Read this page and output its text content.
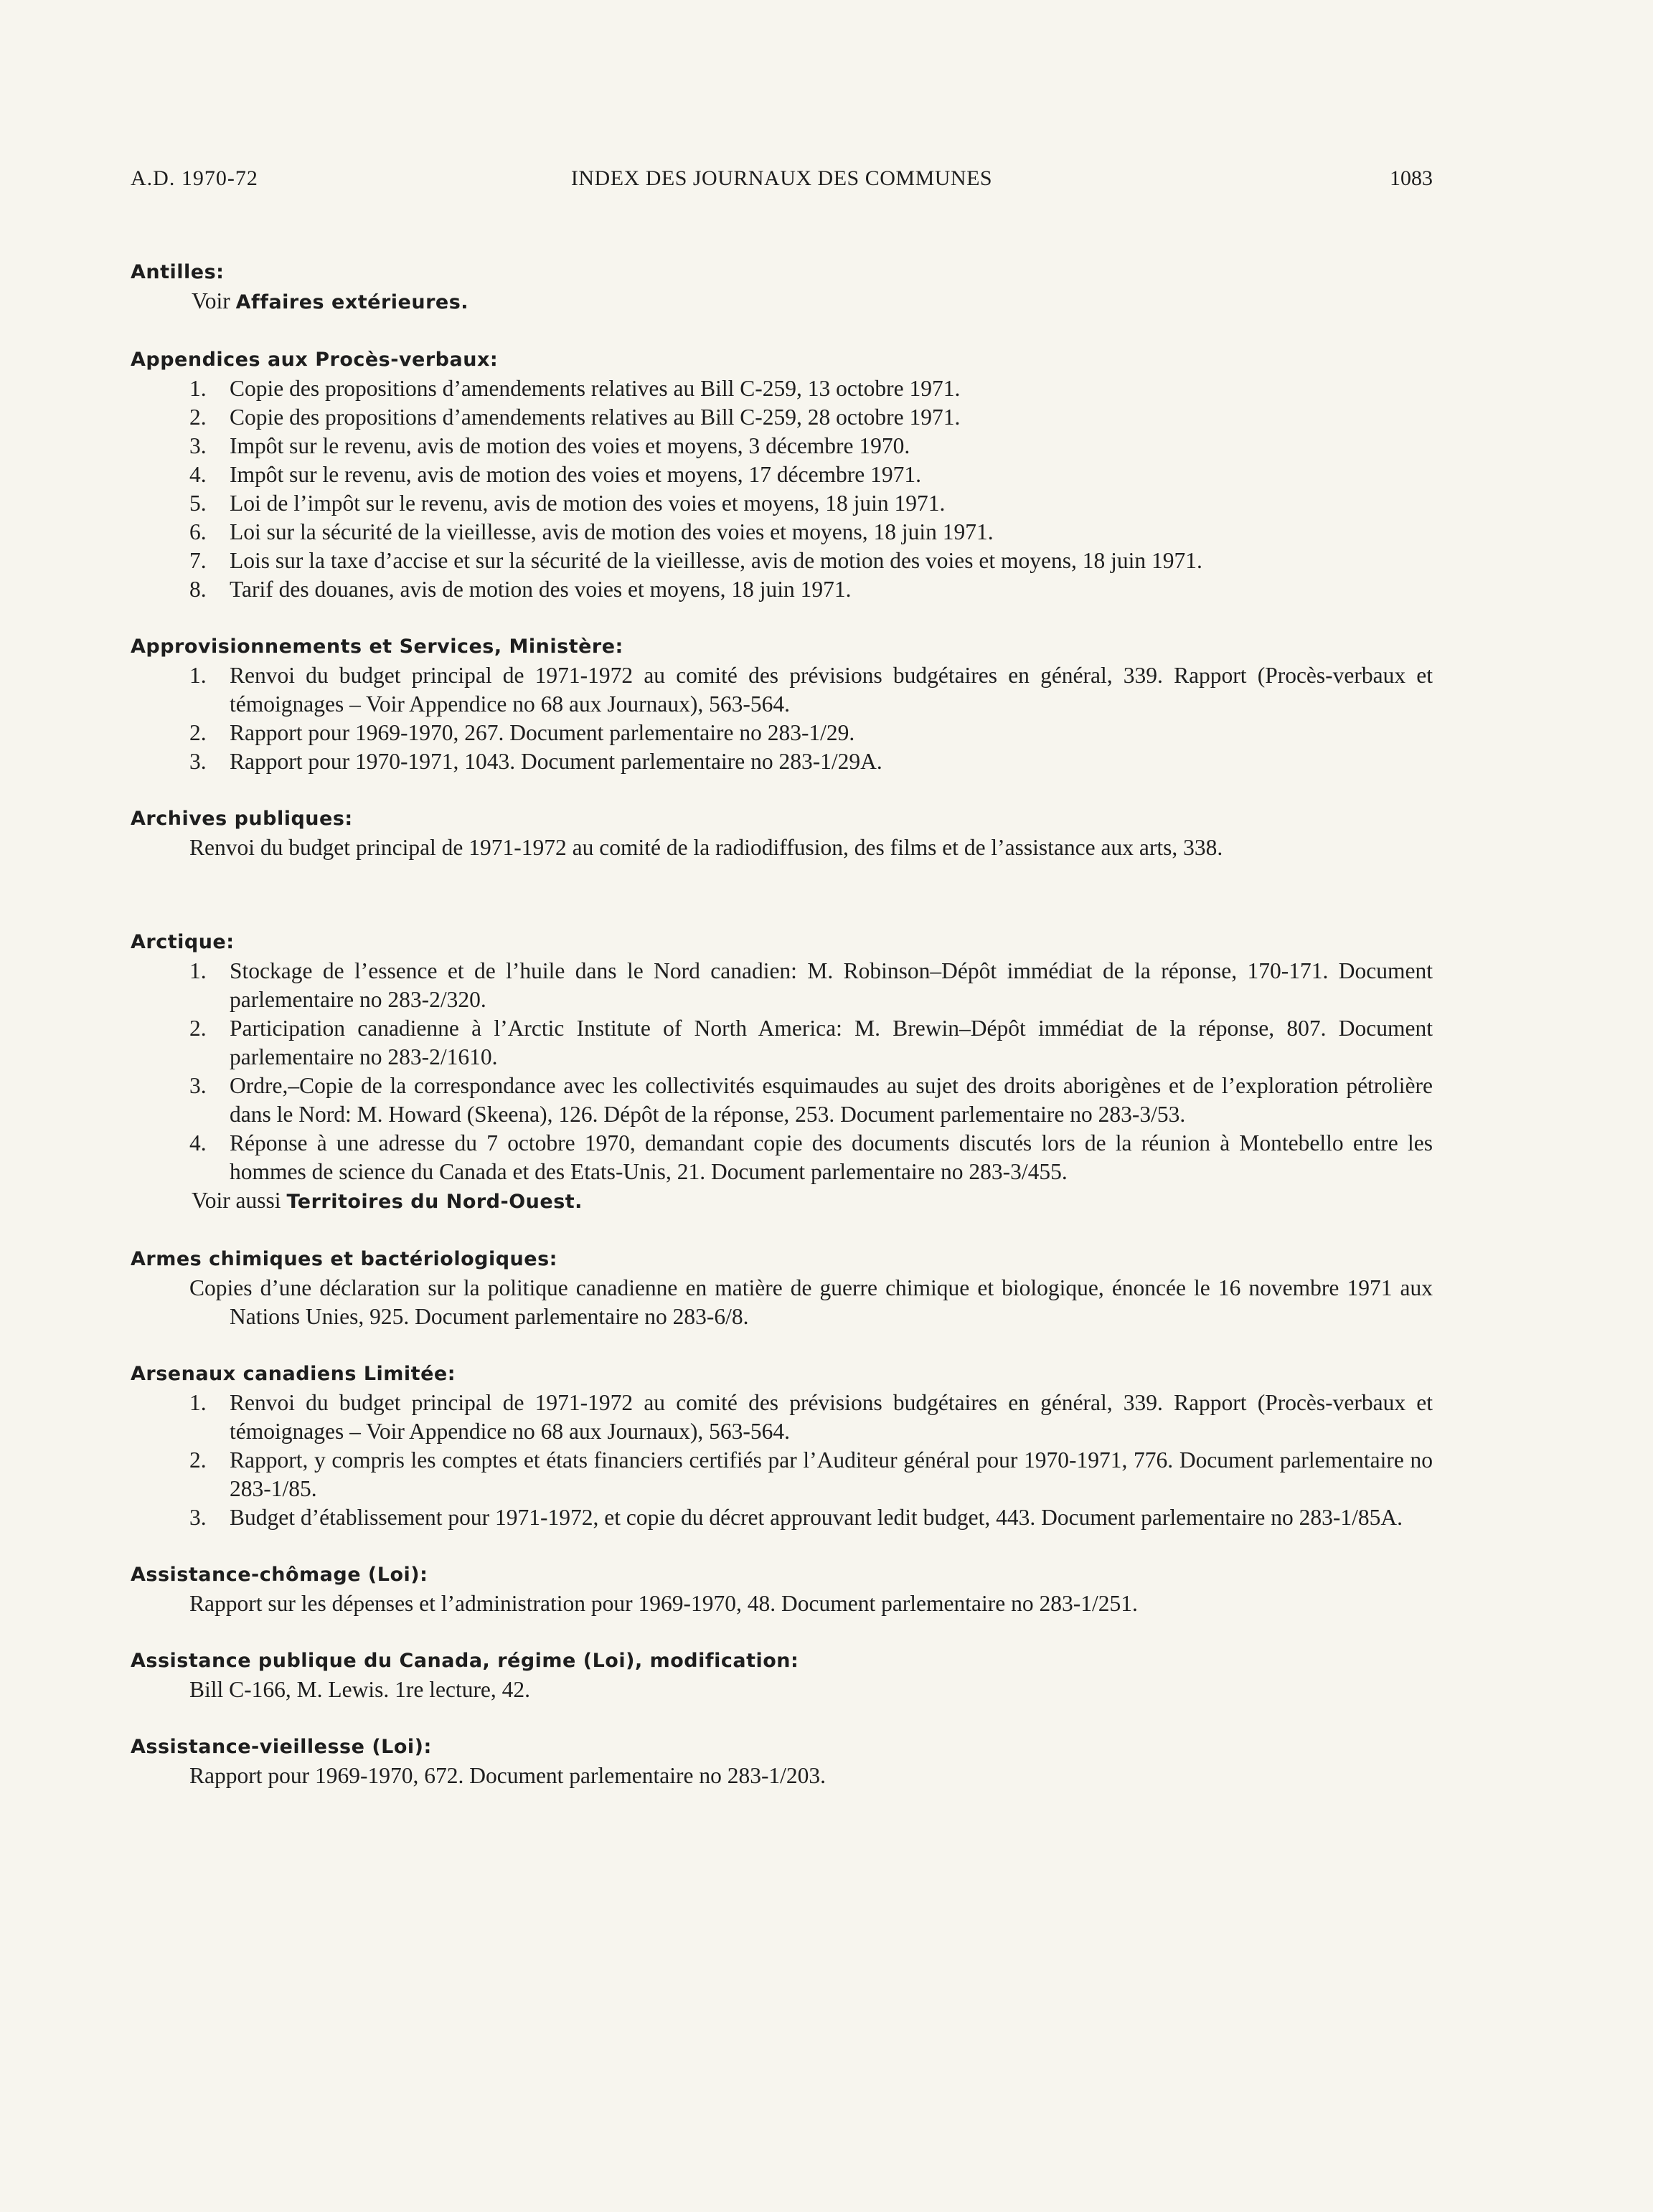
A.D. 1970-72	INDEX DES JOURNAUX DES COMMUNES	1083

Antilles:

Voir Affaires extérieures.

Appendices aux Procès-verbaux:

1. Copie des propositions d’amendements relatives au Bill C-259, 13 octobre 1971.
2. Copie des propositions d’amendements relatives au Bill C-259, 28 octobre 1971.
3. Impôt sur le revenu, avis de motion des voies et moyens, 3 décembre 1970.
4. Impôt sur le revenu, avis de motion des voies et moyens, 17 décembre 1971.
5. Loi de l’impôt sur le revenu, avis de motion des voies et moyens, 18 juin 1971.
6. Loi sur la sécurité de la vieillesse, avis de motion des voies et moyens, 18 juin 1971.
7. Lois sur la taxe d’accise et sur la sécurité de la vieillesse, avis de motion des voies et moyens, 18 juin 1971.
8. Tarif des douanes, avis de motion des voies et moyens, 18 juin 1971.

Approvisionnements et Services, Ministère:

1. Renvoi du budget principal de 1971-1972 au comité des prévisions budgétaires en général, 339. Rapport (Procès-verbaux et témoignages – Voir Appendice no 68 aux Journaux), 563-564.
2. Rapport pour 1969-1970, 267. Document parlementaire no 283-1/29.
3. Rapport pour 1970-1971, 1043. Document parlementaire no 283-1/29A.

Archives publiques:

Renvoi du budget principal de 1971-1972 au comité de la radiodiffusion, des films et de l’assistance aux arts, 338.

Arctique:

1. Stockage de l’essence et de l’huile dans le Nord canadien: M. Robinson–Dépôt immédiat de la réponse, 170-171. Document parlementaire no 283-2/320.
2. Participation canadienne à l’Arctic Institute of North America: M. Brewin–Dépôt immédiat de la réponse, 807. Document parlementaire no 283-2/1610.
3. Ordre,–Copie de la correspondance avec les collectivités esquimaudes au sujet des droits aborigènes et de l’exploration pétrolière dans le Nord: M. Howard (Skeena), 126. Dépôt de la réponse, 253. Document parlementaire no 283-3/53.
4. Réponse à une adresse du 7 octobre 1970, demandant copie des documents discutés lors de la réunion à Montebello entre les hommes de science du Canada et des Etats-Unis, 21. Document parlementaire no 283-3/455.

Voir aussi Territoires du Nord-Ouest.

Armes chimiques et bactériologiques:

Copies d’une déclaration sur la politique canadienne en matière de guerre chimique et biologique, énoncée le 16 novembre 1971 aux Nations Unies, 925. Document parlementaire no 283-6/8.

Arsenaux canadiens Limitée:

1. Renvoi du budget principal de 1971-1972 au comité des prévisions budgétaires en général, 339. Rapport (Procès-verbaux et témoignages – Voir Appendice no 68 aux Journaux), 563-564.
2. Rapport, y compris les comptes et états financiers certifiés par l’Auditeur général pour 1970-1971, 776. Document parlementaire no 283-1/85.
3. Budget d’établissement pour 1971-1972, et copie du décret approuvant ledit budget, 443. Document parlementaire no 283-1/85A.

Assistance-chômage (Loi):

Rapport sur les dépenses et l’administration pour 1969-1970, 48. Document parlementaire no 283-1/251.

Assistance publique du Canada, régime (Loi), modification:

Bill C-166, M. Lewis. 1re lecture, 42.

Assistance-vieillesse (Loi):

Rapport pour 1969-1970, 672. Document parlementaire no 283-1/203.
